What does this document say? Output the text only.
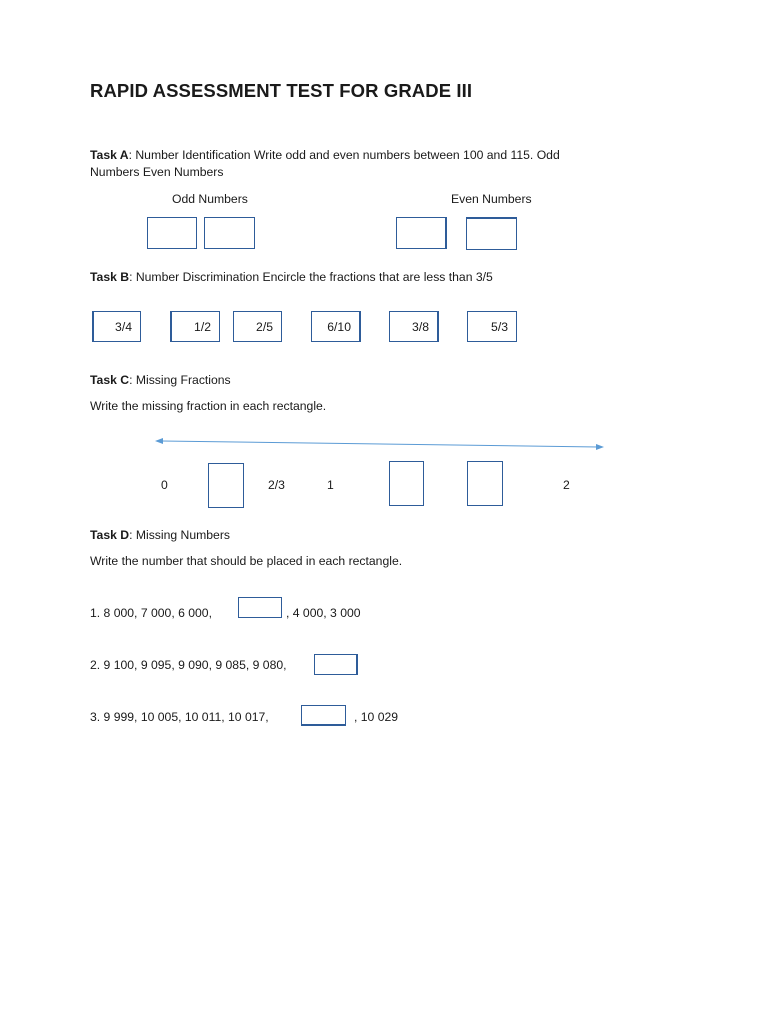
RAPID ASSESSMENT TEST FOR GRADE III
Task A: Number Identification Write odd and even numbers between 100 and 115. Odd
Numbers Even Numbers
Odd Numbers	Even Numbers
Task B: Number Discrimination Encircle the fractions that are less than 3/5
3/4	1/2	2/5	6/10	3/8	5/3
Task C: Missing Fractions
Write the missing fraction in each rectangle.
0	2/3	1	2
Task D: Missing Numbers
Write the number that should be placed in each rectangle.
1. 8 000, 7 000, 6 000,	, 4 000, 3 000
2. 9 100, 9 095, 9 090, 9 085, 9 080,
3. 9 999, 10 005, 10 011, 10 017,	, 10 029
